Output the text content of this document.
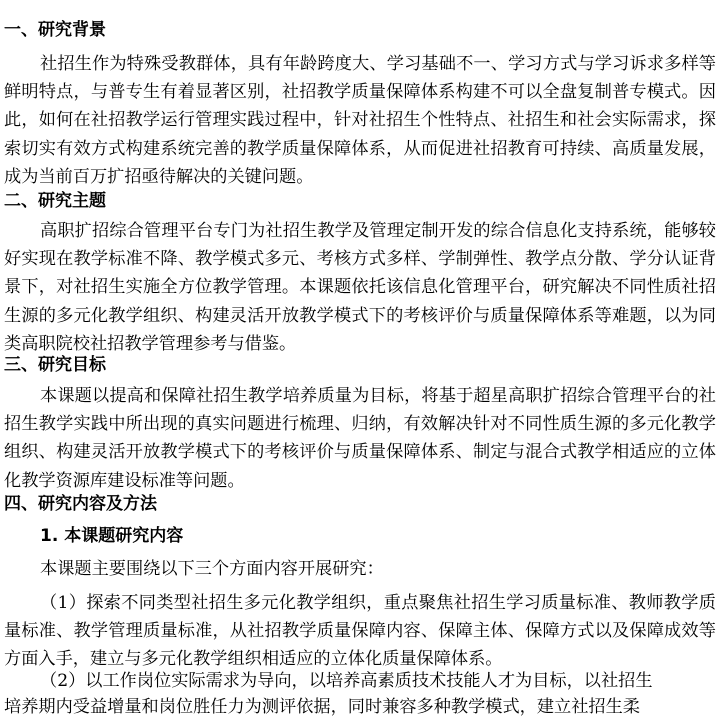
一、研究背景
社招生作为特殊受教群体，具有年龄跨度大、学习基础不一、学习方式与学习诉求多样等鲜明特点，与普专生有着显著区别，社招教学质量保障体系构建不可以全盘复制普专模式。因此，如何在社招教学运行管理实践过程中，针对社招生个性特点、社招生和社会实际需求，探索切实有效方式构建系统完善的教学质量保障体系，从而促进社招教育可持续、高质量发展，成为当前百万扩招亟待解决的关键问题。
二、研究主题
高职扩招综合管理平台专门为社招生教学及管理定制开发的综合信息化支持系统，能够较好实现在教学标准不降、教学模式多元、考核方式多样、学制弹性、教学点分散、学分认证背景下，对社招生实施全方位教学管理。本课题依托该信息化管理平台，研究解决不同性质社招生源的多元化教学组织、构建灵活开放教学模式下的考核评价与质量保障体系等难题，以为同类高职院校社招教学管理参考与借鉴。
三、研究目标
本课题以提高和保障社招生教学培养质量为目标，将基于超星高职扩招综合管理平台的社招生教学实践中所出现的真实问题进行梳理、归纳，有效解决针对不同性质生源的多元化教学组织、构建灵活开放教学模式下的考核评价与质量保障体系、制定与混合式教学相适应的立体化教学资源库建设标准等问题。
四、研究内容及方法
1. 本课题研究内容
本课题主要围绕以下三个方面内容开展研究：
（1）探索不同类型社招生多元化教学组织，重点聚焦社招生学习质量标准、教师教学质量标准、教学管理质量标准，从社招教学质量保障内容、保障主体、保障方式以及保障成效等方面入手，建立与多元化教学组织相适应的立体化质量保障体系。
（2）以工作岗位实际需求为导向，以培养高素质技术技能人才为目标，以社招生
培养期内受益增量和岗位胜任力为测评依据，同时兼容多种教学模式，建立社招生柔
